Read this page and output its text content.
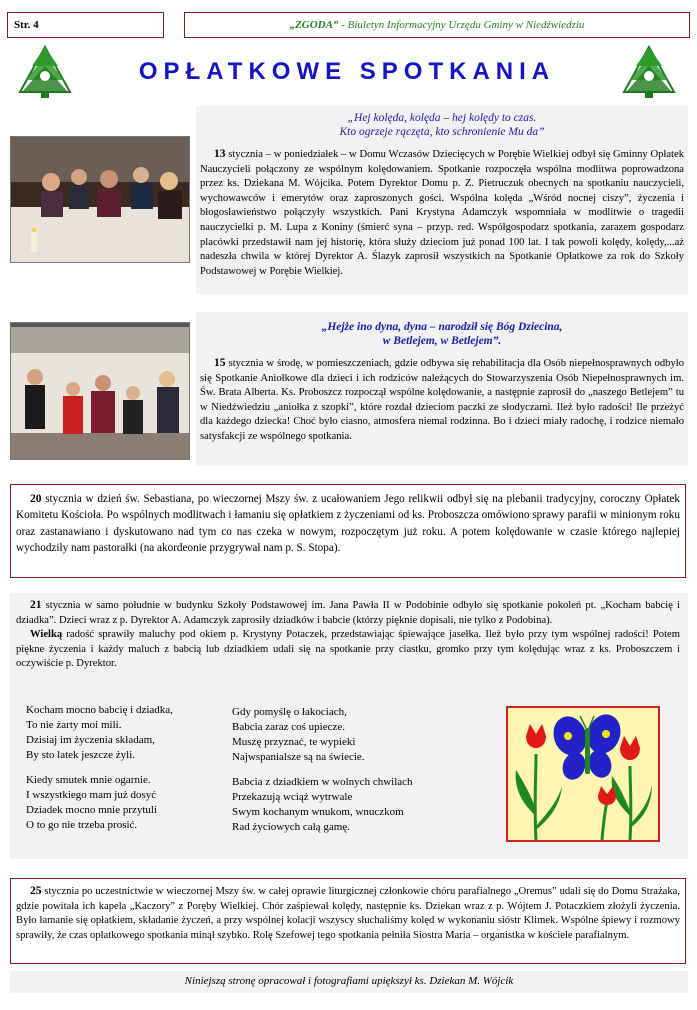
Str. 4	„ZGODA” - Biuletyn Informacyjny Urzędu Gminy w Niedźwiedziu
OPŁATKOWE SPOTKANIA
„Hej kolęda, kolęda – hej kolędy to czas.
Kto ogrzeje rączęta, kto schronienie Mu da”

13 stycznia – w poniedziałek – w Domu Wczasów Dziecięcych w Porębie Wielkiej odbył się Gminny Opłatek Nauczycieli połączony ze wspólnym kolędowaniem. Spotkanie rozpoczęła wspólna modlitwa poprowadzona przez ks. Dziekana M. Wójcika. Potem Dyrektor Domu p. Z. Pietruczuk obecnych na spotkaniu nauczycieli, wychowawców i emerytów oraz zaproszonych gości. Wspólna kolęda „Wśród nocnej ciszy”, życzenia i błogosławieństwo połączyły wszystkich. Pani Krystyna Adamczyk wspomniała w modlitwie o tragedii nauczycielki p. M. Lupa z Koniny (śmierć syna – przyp. red. Współgospodarz spotkania, zarazem gospodarz placówki przedstawił nam jej historię, która służy dzieciom już ponad 100 lat. I tak powoli kolędy, kolędy,...aż nadeszła chwila w której Dyrektor A. Ślazyk zaprosił wszystkich na Spotkanie Opłatkowe za rok do Szkoły Podstawowej w Porębie Wielkiej.

„Hejże ino dyna, dyna – narodził się Bóg Dziecina,
w Betlejem, w Betlejem”.

15 stycznia w środę, w pomieszczeniach, gdzie odbywa się rehabilitacja dla Osób niepełnosprawnych odbyło się Spotkanie Aniołkowe dla dzieci i ich rodziców należących do Stowarzyszenia Osób Niepełnosprawnych im. Św. Brata Alberta. Ks. Proboszcz rozpoczął wspólne kolędowanie, a następnie zaprosił do „naszego Betlejem” tu w Niedźwiedziu „aniołka z szopki”, które rozdał dzieciom paczki ze słodyczami. Ileż było radości! Ile przeżyć dla każdego dziecka! Choć było ciasno, atmosfera niemal rodzinna. Bo i dzieci miały radochę, i rodzice niemało satysfakcji ze wspólnego spotkania.

20 stycznia w dzień św. Sebastiana, po wieczornej Mszy św. z ucałowaniem Jego relikwii odbył się na plebanii tradycyjny, coroczny Opłatek Komitetu Kościoła. Po wspólnych modlitwach i łamaniu się opłatkiem z życzeniami od ks. Proboszcza omówiono sprawy parafii w minionym roku oraz zastanawiano i dyskutowano nad tym co nas czeka w nowym, rozpoczętym już roku. A potem kolędowanie w czasie którego najlepiej wychodziły nam pastorałki (na akordeonie przygrywał nam p. S. Stopa).

21 stycznia w samo południe w budynku Szkoły Podstawowej im. Jana Pawła II w Podobinie odbyło się spotkanie pokoleń pt. „Kocham babcię i dziadka”. Dzieci wraz z p. Dyrektor A. Adamczyk zaprosiły dziadków i babcie (którzy pięknie dopisali, nie tylko z Podobina).

Wielką radość sprawiły maluchy pod okiem p. Krystyny Potaczek, przedstawiając śpiewające jasełka. Ileż było przy tym wspólnej radości! Potem piękne życzenia i każdy maluch z babcią lub dziadkiem udali się na spotkanie przy ciastku, gromko przy tym kolędując wraz z ks. Proboszczem i oczywiście p. Dyrektor.

Kocham mocno babcię i dziadka,
To nie żarty moi mili.
Dzisiaj im życzenia składam,
By sto latek jeszcze żyli.
Kiedy smutek mnie ogarnie.
I wszystkiego mam już dosyć
Dziadek mocno mnie przytuli
O to go nie trzeba prosić.
Gdy pomyślę o łakociach,
Babcia zaraz coś upiecze.
Muszę przyznać, te wypieki
Najwspanialsze są na świecie.
Babcia z dziadkiem w wolnych chwilach
Przekazują wciąż wytrwale
Swym kochanym wnukom, wnuczkom
Rad życiowych całą gamę.

25 stycznia po uczestnictwie w wieczornej Mszy św. w całej oprawie liturgicznej członkowie chóru parafialnego „Oremus” udali się do Domu Strażaka, gdzie powitała ich kapela „Kaczory” z Poręby Wielkiej. Chór zaśpiewał kolędy, następnie ks. Dziekan wraz z p. Wójtem J. Potaczkiem złożyli życzenia. Było łamanie się opłatkiem, składanie życzeń, a przy wspólnej kolacji wszyscy słuchaliśmy kolęd w wykonaniu sióstr Klimek. Wspólne śpiewy i rozmowy sprawiły, że czas opłatkowego spotkania minął szybko. Rolę Szefowej tego spotkania pełniła Siostra Maria – organistka w kościele parafialnym.

Niniejszą stronę opracował i fotografiami upiększył ks. Dziekan M. Wójcik
